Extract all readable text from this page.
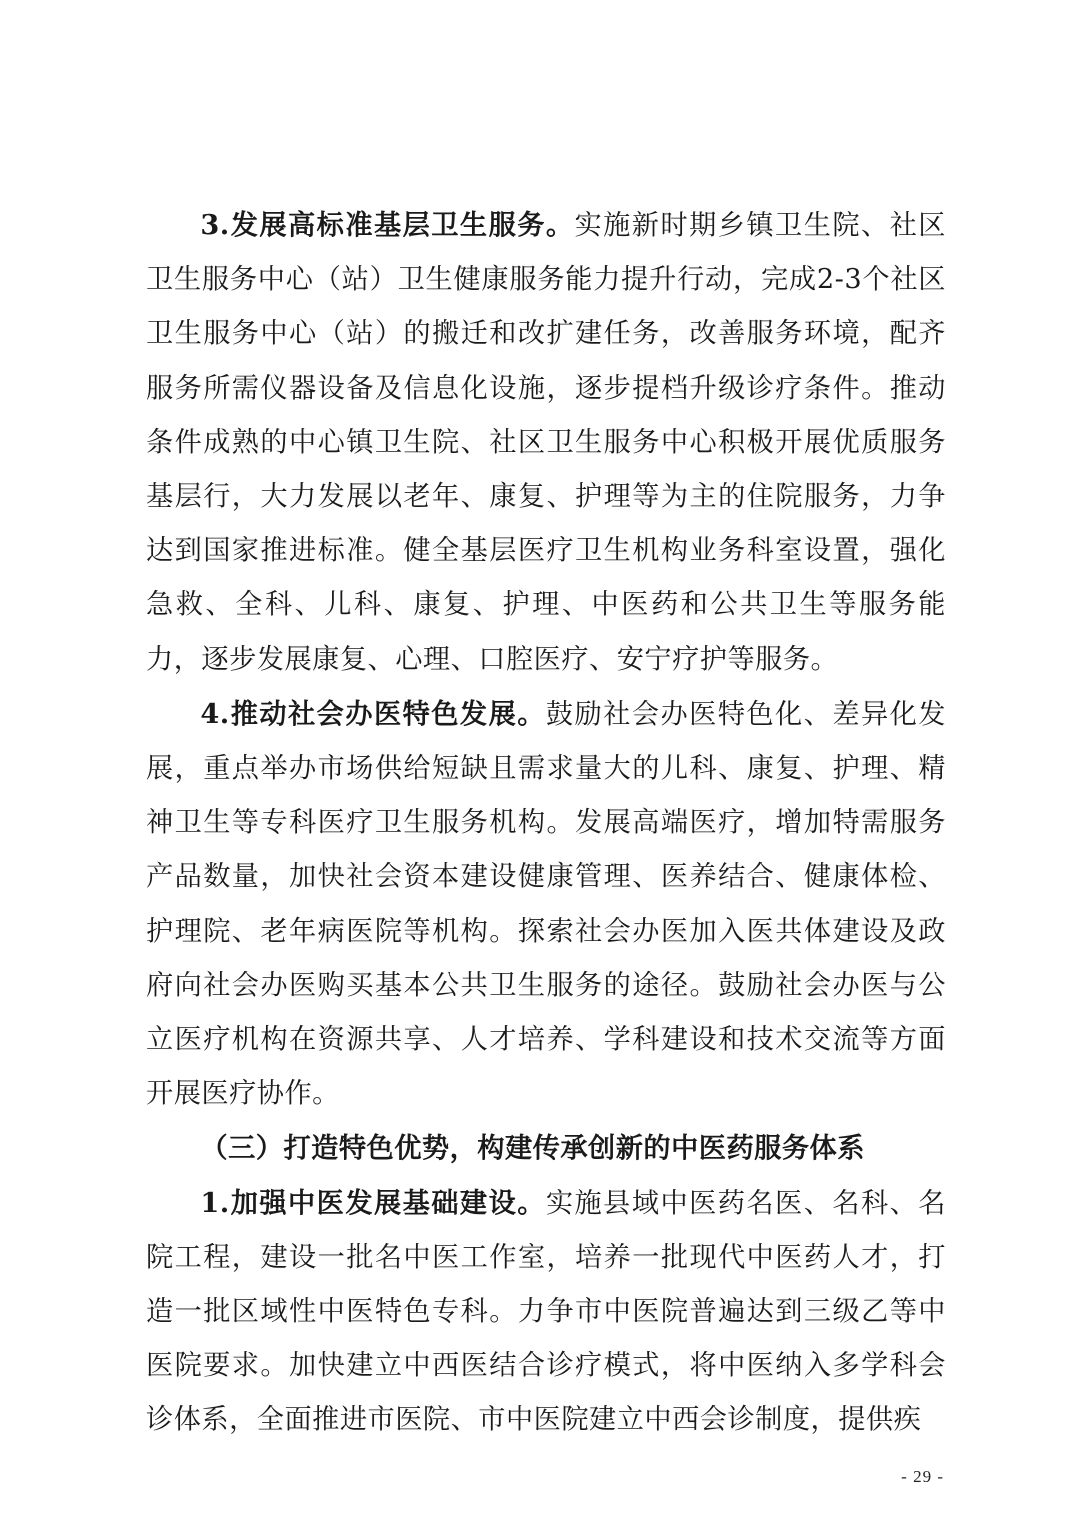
3.发展高标准基层卫生服务。实施新时期乡镇卫生院、社区卫生服务中心（站）卫生健康服务能力提升行动，完成2-3个社区卫生服务中心（站）的搬迁和改扩建任务，改善服务环境，配齐服务所需仪器设备及信息化设施，逐步提档升级诊疗条件。推动条件成熟的中心镇卫生院、社区卫生服务中心积极开展优质服务基层行，大力发展以老年、康复、护理等为主的住院服务，力争达到国家推进标准。健全基层医疗卫生机构业务科室设置，强化急救、全科、儿科、康复、护理、中医药和公共卫生等服务能力，逐步发展康复、心理、口腔医疗、安宁疗护等服务。

4.推动社会办医特色发展。鼓励社会办医特色化、差异化发展，重点举办市场供给短缺且需求量大的儿科、康复、护理、精神卫生等专科医疗卫生服务机构。发展高端医疗，增加特需服务产品数量，加快社会资本建设健康管理、医养结合、健康体检、护理院、老年病医院等机构。探索社会办医加入医共体建设及政府向社会办医购买基本公共卫生服务的途径。鼓励社会办医与公立医疗机构在资源共享、人才培养、学科建设和技术交流等方面开展医疗协作。

（三）打造特色优势，构建传承创新的中医药服务体系

1.加强中医发展基础建设。实施县域中医药名医、名科、名院工程，建设一批名中医工作室，培养一批现代中医药人才，打造一批区域性中医特色专科。力争市中医院普遍达到三级乙等中医院要求。加快建立中西医结合诊疗模式，将中医纳入多学科会诊体系，全面推进市医院、市中医院建立中西会诊制度，提供疾

- 29 -
